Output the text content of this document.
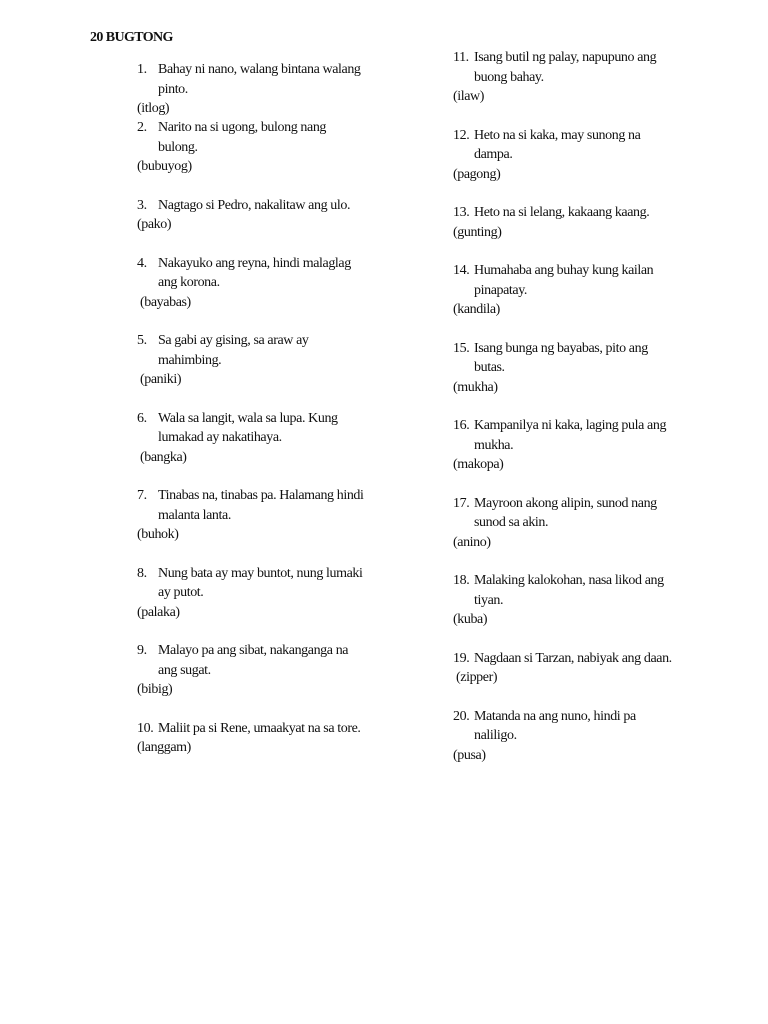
20 BUGTONG
1. Bahay ni nano, walang bintana walang
pinto.
(itlog)
2. Narito na si ugong, bulong nang
bulong.
(bubuyog)
3. Nagtago si Pedro, nakalitaw ang ulo.
(pako)
4. Nakayuko ang reyna, hindi malaglag
ang korona.
(bayabas)
5. Sa gabi ay gising, sa araw ay
mahimbing.
(paniki)
6. Wala sa langit, wala sa lupa. Kung
lumakad ay nakatihaya.
(bangka)
7. Tinabas na, tinabas pa. Halamang hindi
malanta lanta.
(buhok)
8. Nung bata ay may buntot, nung lumaki
ay putot.
(palaka)
9. Malayo pa ang sibat, nakanganga na
ang sugat.
(bibig)
10. Maliit pa si Rene, umaakyat na sa tore.
(langgam)
11. Isang butil ng palay, napupuno ang
buong bahay.
(ilaw)
12. Heto na si kaka, may sunong na
dampa.
(pagong)
13. Heto na si lelang, kakaang kaang.
(gunting)
14. Humahaba ang buhay kung kailan
pinapatay.
(kandila)
15. Isang bunga ng bayabas, pito ang
butas.
(mukha)
16. Kampanilya ni kaka, laging pula ang
mukha.
(makopa)
17. Mayroon akong alipin, sunod nang
sunod sa akin.
(anino)
18. Malaking kalokohan, nasa likod ang
tiyan.
(kuba)
19. Nagdaan si Tarzan, nabiyak ang daan.
(zipper)
20. Matanda na ang nuno, hindi pa
naliligo.
(pusa)
